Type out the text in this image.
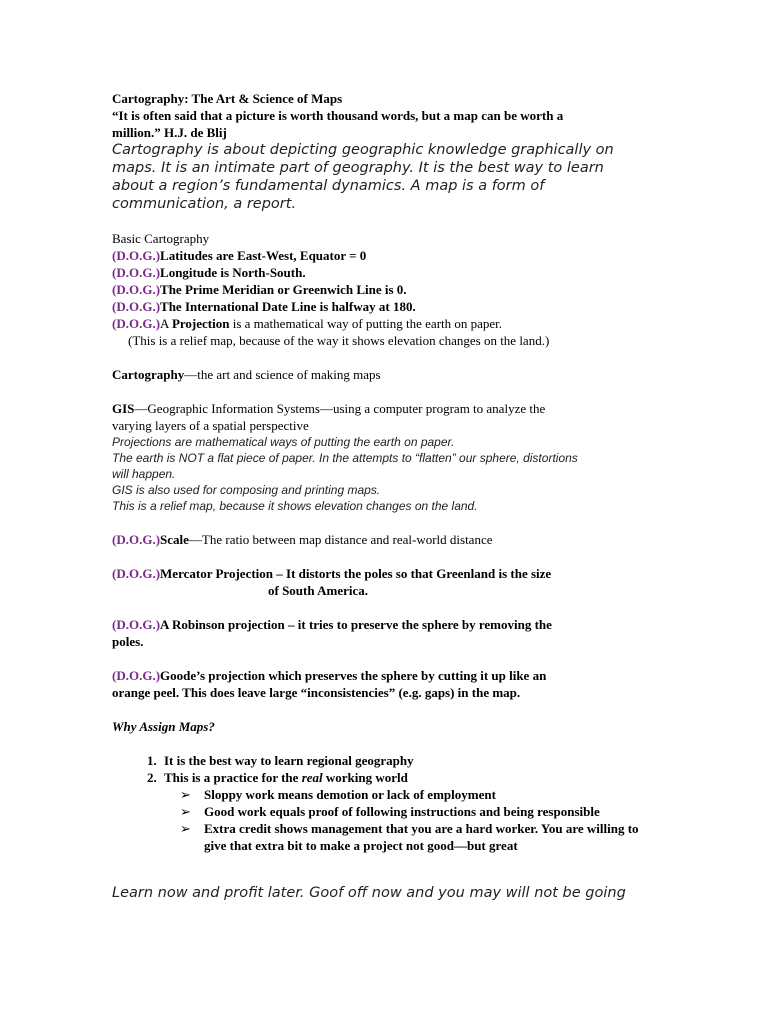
Cartography: The Art & Science of Maps
“It is often said that a picture is worth thousand words, but a map can be worth a
million.” H.J. de Blij
Cartography is about depicting geographic knowledge graphically on
maps. It is an intimate part of geography. It is the best way to learn
about a region’s fundamental dynamics. A map is a form of
communication, a report.
Basic Cartography
(D.O.G.)Latitudes are East-West, Equator = 0
(D.O.G.)Longitude is North-South.
(D.O.G.)The Prime Meridian or Greenwich Line is 0.
(D.O.G.)The International Date Line is halfway at 180.
(D.O.G.)A Projection is a mathematical way of putting the earth on paper.
(This is a relief map, because of the way it shows elevation changes on the land.)
Cartography—the art and science of making maps
GIS—Geographic Information Systems—using a computer program to analyze the
varying layers of a spatial perspective
Projections are mathematical ways of putting the earth on paper.
The earth is NOT a flat piece of paper. In the attempts to “flatten” our sphere, distortions
will happen.
GIS is also used for composing and printing maps.
This is a relief map, because it shows elevation changes on the land.
(D.O.G.)Scale—The ratio between map distance and real-world distance
(D.O.G.)Mercator Projection – It distorts the poles so that Greenland is the size
of South America.
(D.O.G.)A Robinson projection – it tries to preserve the sphere by removing the
poles.
(D.O.G.)Goode’s projection which preserves the sphere by cutting it up like an
orange peel. This does leave large “inconsistencies” (e.g. gaps) in the map.
Why Assign Maps?
1. It is the best way to learn regional geography
2. This is a practice for the real working world
➢ Sloppy work means demotion or lack of employment
➢ Good work equals proof of following instructions and being responsible
➢ Extra credit shows management that you are a hard worker. You are willing to give that extra bit to make a project not good—but great
Learn now and profit later. Goof off now and you may will not be going
